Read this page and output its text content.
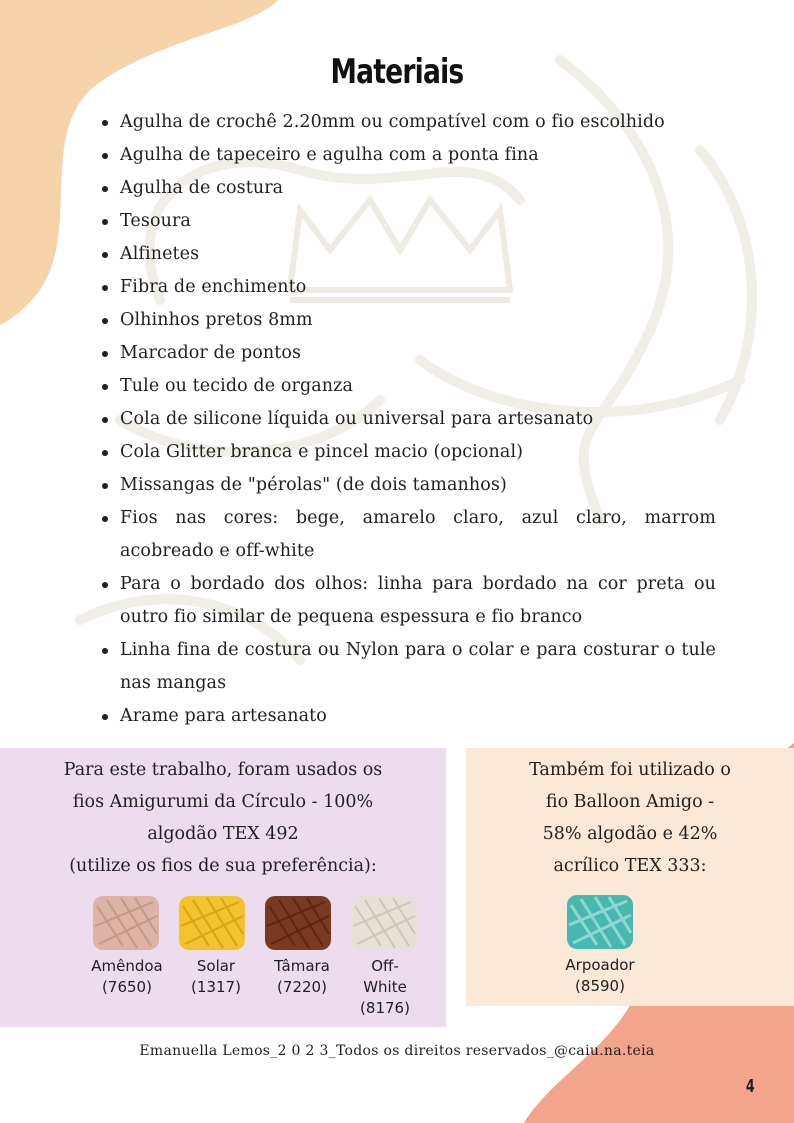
Materiais
Agulha de crochê 2.20mm ou compatível com o fio escolhido
Agulha de tapeceiro e agulha com a ponta fina
Agulha de costura
Tesoura
Alfinetes
Fibra de enchimento
Olhinhos pretos 8mm
Marcador de pontos
Tule ou tecido de organza
Cola de silicone líquida ou universal para artesanato
Cola Glitter branca e pincel macio (opcional)
Missangas de "pérolas" (de dois tamanhos)
Fios nas cores: bege, amarelo claro, azul claro, marrom acobreado e off-white
Para o bordado dos olhos: linha para bordado na cor preta ou outro fio similar de pequena espessura e fio branco
Linha fina de costura ou Nylon para o colar e para costurar o tule nas mangas
Arame para artesanato
Para este trabalho, foram usados os
fios Amigurumi da Círculo - 100%
algodão TEX 492
(utilize os fios de sua preferência):
Amêndoa
(7650)
Solar
(1317)
Tâmara
(7220)
Off-
White
(8176)
Também foi utilizado o
fio Balloon Amigo -
58% algodão e 42%
acrílico TEX 333:
Arpoador
(8590)
Emanuella Lemos_2 0 2 3_Todos os direitos reservados_@caiu.na.teia
4
